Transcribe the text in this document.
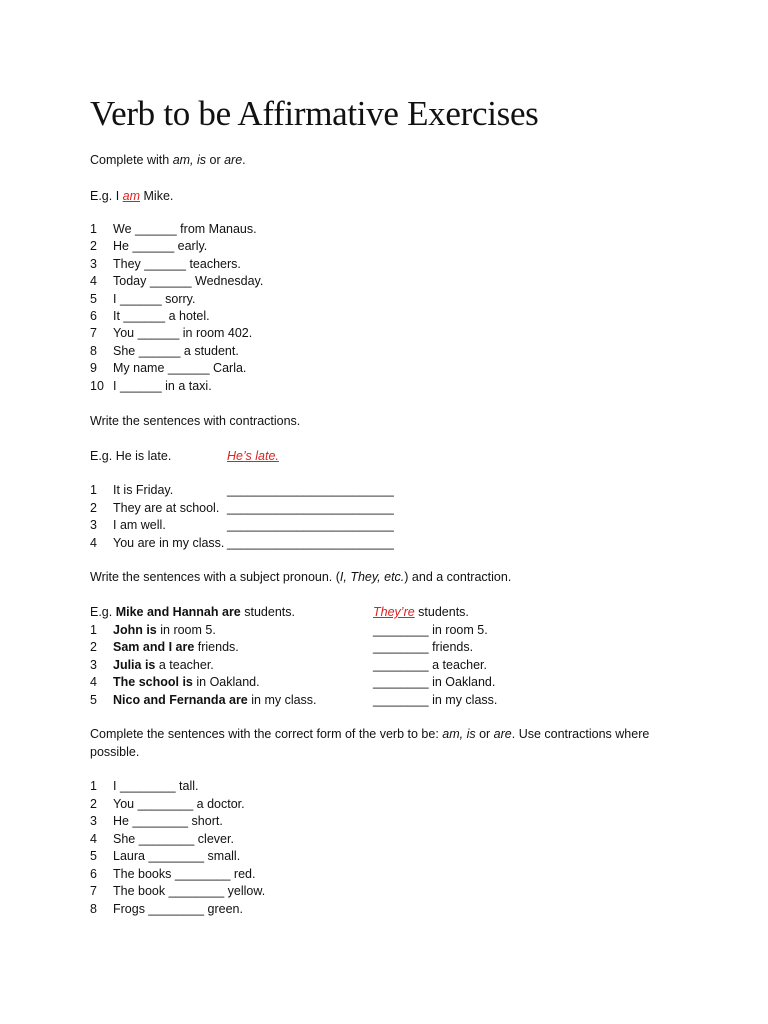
Verb to be Affirmative Exercises
Complete with am, is or are.
E.g. I am Mike.
1 We ______ from Manaus.
2 He ______ early.
3 They ______ teachers.
4 Today ______ Wednesday.
5 I ______ sorry.
6 It ______ a hotel.
7 You ______ in room 402.
8 She ______ a student.
9 My name ______ Carla.
10 I ______ in a taxi.
Write the sentences with contractions.
E.g. He is late.	He’s late.
1 It is Friday.	________________________
2 They are at school. ________________________
3 I am well.	________________________
4 You are in my class. ________________________
Write the sentences with a subject pronoun. (I, They, etc.) and a contraction.
E.g. Mike and Hannah are students.	They’re students.
1 John is in room 5.	________ in room 5.
2 Sam and I are friends.	________ friends.
3 Julia is a teacher.	________ a teacher.
4 The school is in Oakland.	________ in Oakland.
5 Nico and Fernanda are in my class.	________ in my class.
Complete the sentences with the correct form of the verb to be: am, is or are. Use contractions where
possible.
1 I ________ tall.
2 You ________ a doctor.
3 He ________ short.
4 She ________ clever.
5 Laura ________ small.
6 The books ________ red.
7 The book ________ yellow.
8 Frogs ________ green.
